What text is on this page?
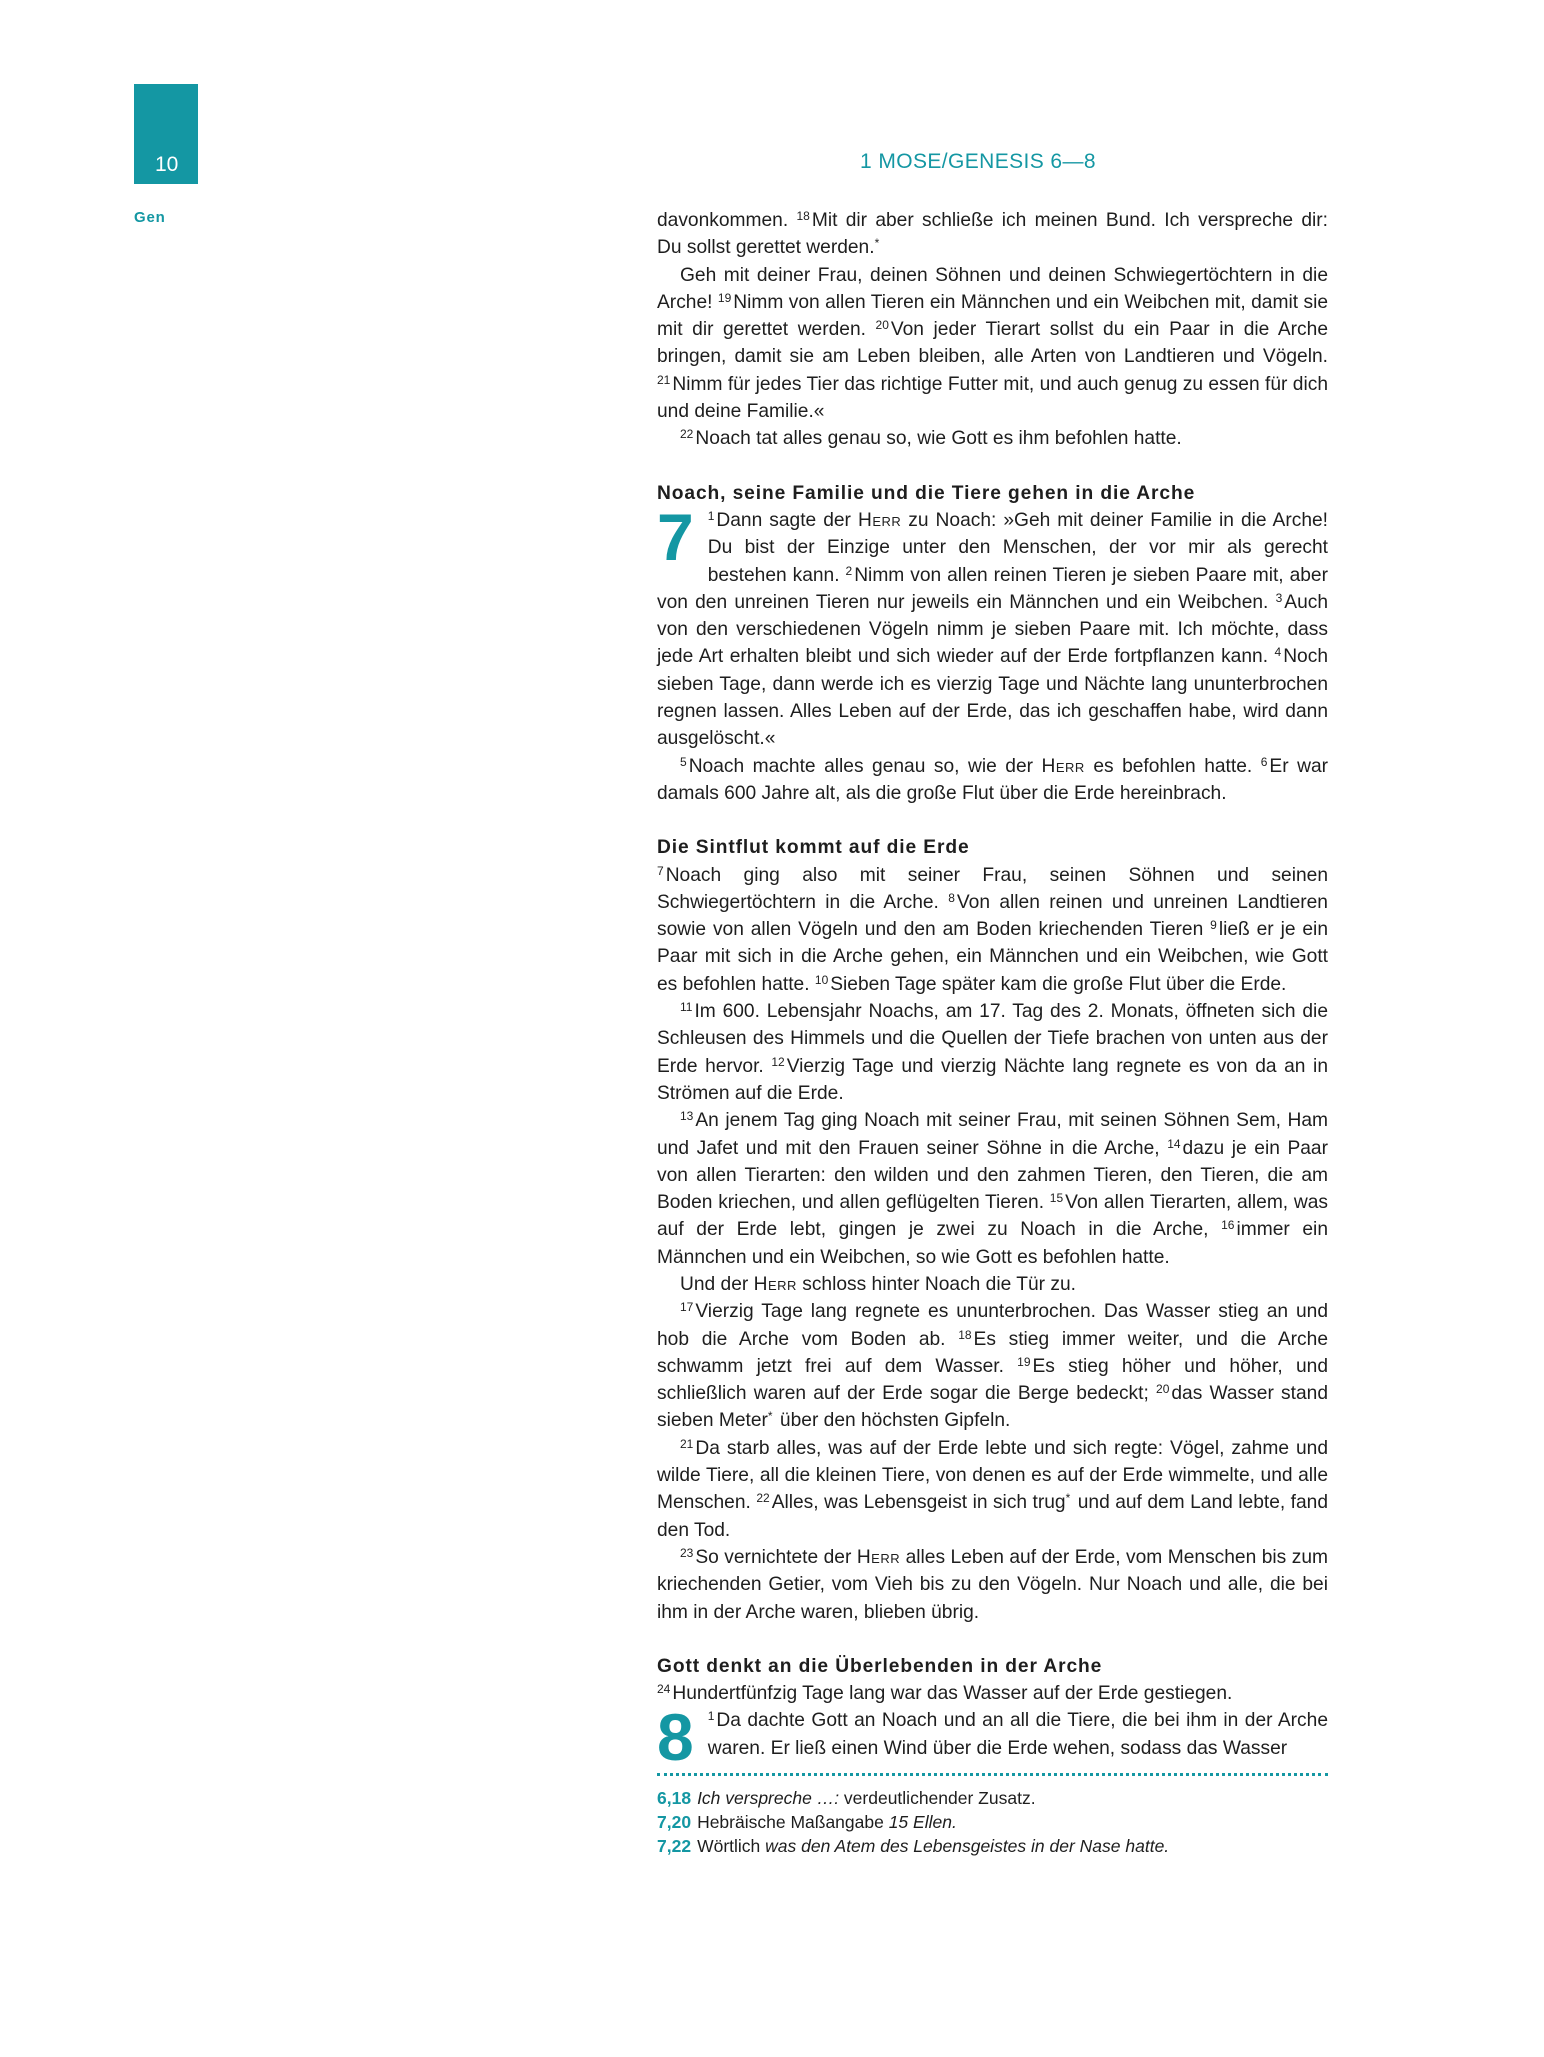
10	1 MOSE/GENESIS 6—8
Gen	davonkommen. $^{18}$ Mit dir aber schließe ich meinen Bund. Ich verspreche dir: Du sollst gerettet werden.*

Geh mit deiner Frau, deinen Söhnen und deinen Schwiegertöchtern in die Arche! $^{19}$ Nimm von allen Tieren ein Männchen und ein Weibchen mit, damit sie mit dir gerettet werden. $^{20}$ Von jeder Tierart sollst du ein Paar in die Arche bringen, damit sie am Leben bleiben, alle Arten von Landtieren und Vögeln. $^{21}$ Nimm für jedes Tier das richtige Futter mit, und auch genug zu essen für dich und deine Familie.«

$^{22}$ Noach tat alles genau so, wie Gott es ihm befohlen hatte.

Noach, seine Familie und die Tiere gehen in die Arche

7 $^1$ Dann sagte der Herr zu Noach: »Geh mit deiner Familie in die Arche! Du bist der Einzige unter den Menschen, der vor mir als gerecht bestehen kann. $^2$ Nimm von allen reinen Tieren je sieben Paare mit, aber von den unreinen Tieren nur jeweils ein Männchen und ein Weibchen. $^3$ Auch von den verschiedenen Vögeln nimm je sieben Paare mit. Ich möchte, dass jede Art erhalten bleibt und sich wieder auf der Erde fortpflanzen kann. $^4$ Noch sieben Tage, dann werde ich es vierzig Tage und Nächte lang ununterbrochen regnen lassen. Alles Leben auf der Erde, das ich geschaffen habe, wird dann ausgelöscht.«

$^5$ Noach machte alles genau so, wie der Herr es befohlen hatte. $^6$ Er war damals 600 Jahre alt, als die große Flut über die Erde hereinbrach.

Die Sintflut kommt auf die Erde

$^7$ Noach ging also mit seiner Frau, seinen Söhnen und seinen Schwiegertöchtern in die Arche. $^8$ Von allen reinen und unreinen Landtieren sowie von allen Vögeln und den am Boden kriechenden Tieren $^9$ ließ er je ein Paar mit sich in die Arche gehen, ein Männchen und ein Weibchen, wie Gott es befohlen hatte. $^{10}$ Sieben Tage später kam die große Flut über die Erde.

$^{11}$ Im 600. Lebensjahr Noachs, am 17. Tag des 2. Monats, öffneten sich die Schleusen des Himmels und die Quellen der Tiefe brachen von unten aus der Erde hervor. $^{12}$ Vierzig Tage und vierzig Nächte lang regnete es von da an in Strömen auf die Erde.

$^{13}$ An jenem Tag ging Noach mit seiner Frau, mit seinen Söhnen Sem, Ham und Jafet und mit den Frauen seiner Söhne in die Arche, $^{14}$ dazu je ein Paar von allen Tierarten: den wilden und den zahmen Tieren, den Tieren, die am Boden kriechen, und allen geflügelten Tieren. $^{15}$ Von allen Tierarten, allem, was auf der Erde lebt, gingen je zwei zu Noach in die Arche, $^{16}$ immer ein Männchen und ein Weibchen, so wie Gott es befohlen hatte.

Und der Herr schloss hinter Noach die Tür zu.

$^{17}$ Vierzig Tage lang regnete es ununterbrochen. Das Wasser stieg an und hob die Arche vom Boden ab. $^{18}$ Es stieg immer weiter, und die Arche schwamm jetzt frei auf dem Wasser. $^{19}$ Es stieg höher und höher, und schließlich waren auf der Erde sogar die Berge bedeckt; $^{20}$ das Wasser stand sieben Meter* über den höchsten Gipfeln.

$^{21}$ Da starb alles, was auf der Erde lebte und sich regte: Vögel, zahme und wilde Tiere, all die kleinen Tiere, von denen es auf der Erde wimmelte, und alle Menschen. $^{22}$ Alles, was Lebensgeist in sich trug* und auf dem Land lebte, fand den Tod.

$^{23}$ So vernichtete der Herr alles Leben auf der Erde, vom Menschen bis zum kriechenden Getier, vom Vieh bis zu den Vögeln. Nur Noach und alle, die bei ihm in der Arche waren, blieben übrig.

Gott denkt an die Überlebenden in der Arche

$^{24}$ Hundertfünfzig Tage lang war das Wasser auf der Erde gestiegen.

8 $^1$ Da dachte Gott an Noach und an all die Tiere, die bei ihm in der Arche waren. Er ließ einen Wind über die Erde wehen, sodass das Wasser

6,18 Ich verspreche …: verdeutlichender Zusatz.

7,20 Hebräische Maßangabe 15 Ellen.

7,22 Wörtlich was den Atem des Lebensgeistes in der Nase hatte.
